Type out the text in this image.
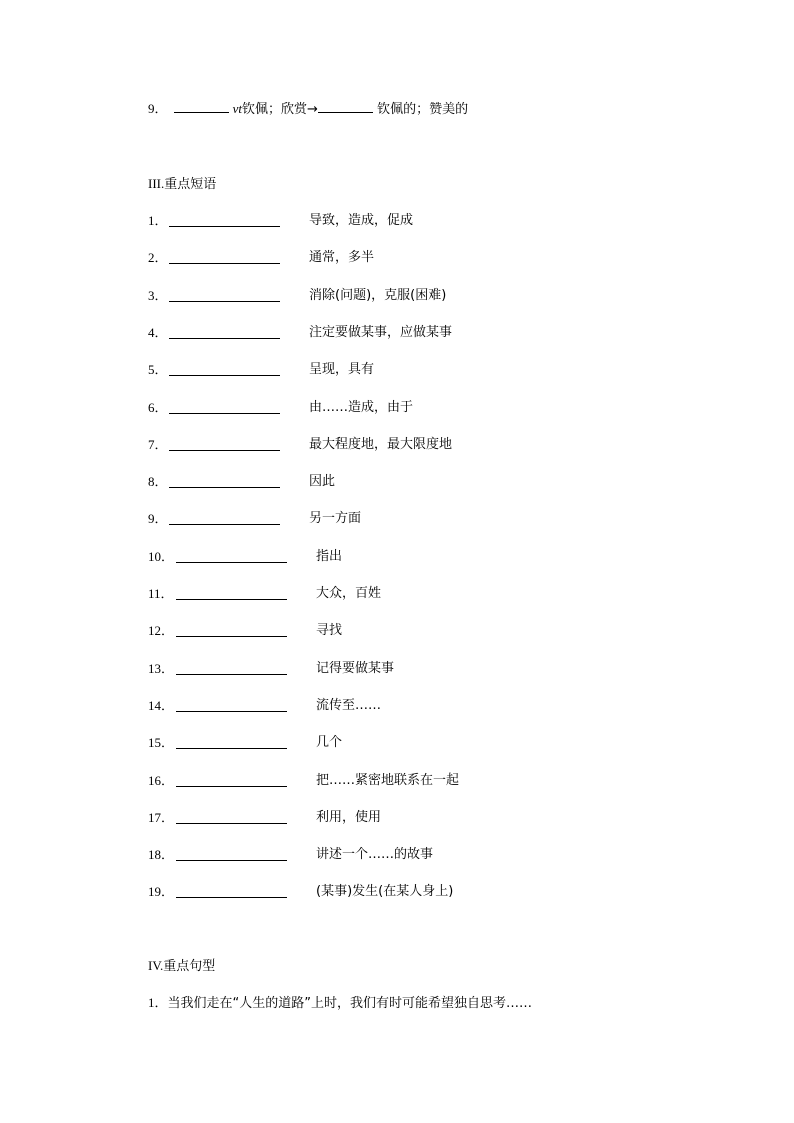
9．	vt钦佩；欣赏→	钦佩的；赞美的
III.重点短语
1．	导致，造成，促成
2．	通常，多半
3．	消除(问题)，克服(困难)
4．	注定要做某事，应做某事
5．	呈现，具有
6．	由……造成，由于
7．	最大程度地，最大限度地
8．	因此
9．	另一方面
10．	指出
11．	大众，百姓
12．	寻找
13．	记得要做某事
14．	流传至……
15．	几个
16．	把……紧密地联系在一起
17．	利用，使用
18．	讲述一个……的故事
19．	(某事)发生(在某人身上)
IV.重点句型
1．当我们走在“人生的道路”上时，我们有时可能希望独自思考……
